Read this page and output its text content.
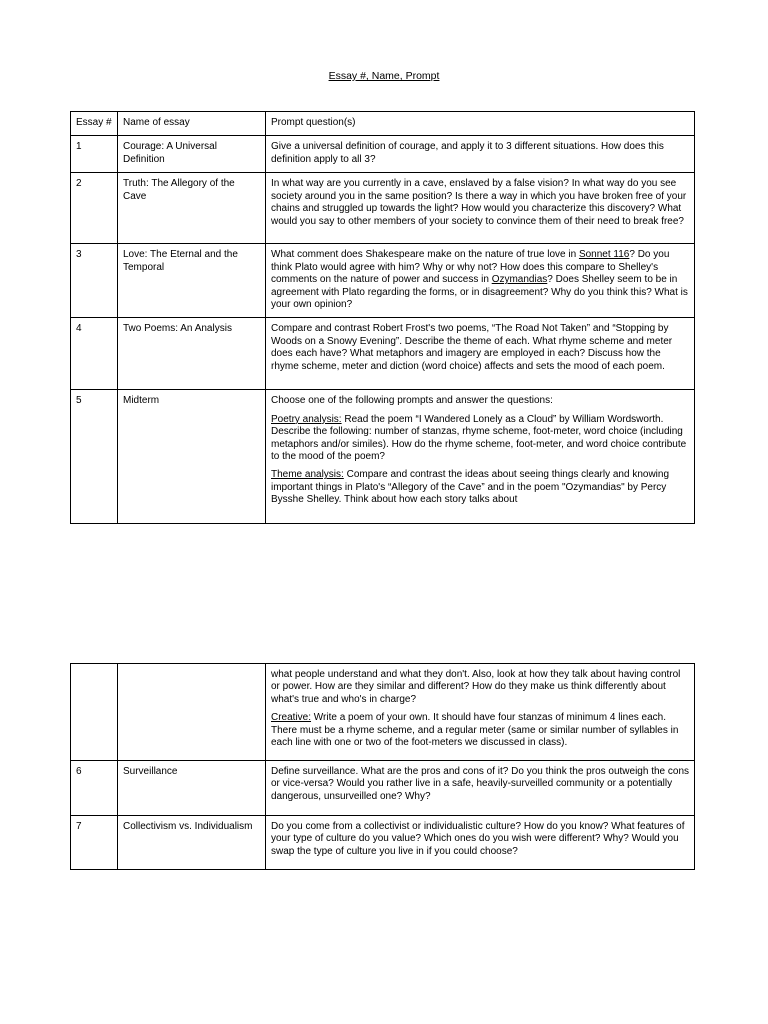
Essay #, Name, Prompt
Essay #	Name of essay	Prompt question(s)
1	Courage: A Universal Definition	Give a universal definition of courage, and apply it to 3 different situations. How does this definition apply to all 3?
2	Truth: The Allegory of the Cave	In what way are you currently in a cave, enslaved by a false vision? In what way do you see society around you in the same position? Is there a way in which you have broken free of your chains and struggled up towards the light? How would you characterize this discovery? What would you say to other members of your society to convince them of their need to break free?
3	Love: The Eternal and the Temporal	What comment does Shakespeare make on the nature of true love in Sonnet 116? Do you think Plato would agree with him? Why or why not? How does this compare to Shelley's comments on the nature of power and success in Ozymandias? Does Shelley seem to be in agreement with Plato regarding the forms, or in disagreement? Why do you think this? What is your own opinion?
4	Two Poems: An Analysis	Compare and contrast Robert Frost's two poems, “The Road Not Taken” and “Stopping by Woods on a Snowy Evening”. Describe the theme of each. What rhyme scheme and meter does each have? What metaphors and imagery are employed in each? Discuss how the rhyme scheme, meter and diction (word choice) affects and sets the mood of each poem.
5	Midterm	Choose one of the following prompts and answer the questions:

Poetry analysis: Read the poem “I Wandered Lonely as a Cloud” by William Wordsworth. Describe the following: number of stanzas, rhyme scheme, foot-meter, word choice (including metaphors and/or similes). How do the rhyme scheme, foot-meter, and word choice contribute to the mood of the poem?

Theme analysis: Compare and contrast the ideas about seeing things clearly and knowing important things in Plato's “Allegory of the Cave” and in the poem "Ozymandias" by Percy Bysshe Shelley. Think about how each story talks about

		what people understand and what they don't. Also, look at how they talk about having control or power. How are they similar and different? How do they make us think differently about what's true and who's in charge?

Creative: Write a poem of your own. It should have four stanzas of minimum 4 lines each. There must be a rhyme scheme, and a regular meter (same or similar number of syllables in each line with one or two of the foot-meters we discussed in class).

6	Surveillance	Define surveillance. What are the pros and cons of it? Do you think the pros outweigh the cons or vice-versa? Would you rather live in a safe, heavily-surveilled community or a potentially dangerous, unsurveilled one? Why?
7	Collectivism vs. Individualism	Do you come from a collectivist or individualistic culture? How do you know? What features of your type of culture do you value? Which ones do you wish were different? Why? Would you swap the type of culture you live in if you could choose?
